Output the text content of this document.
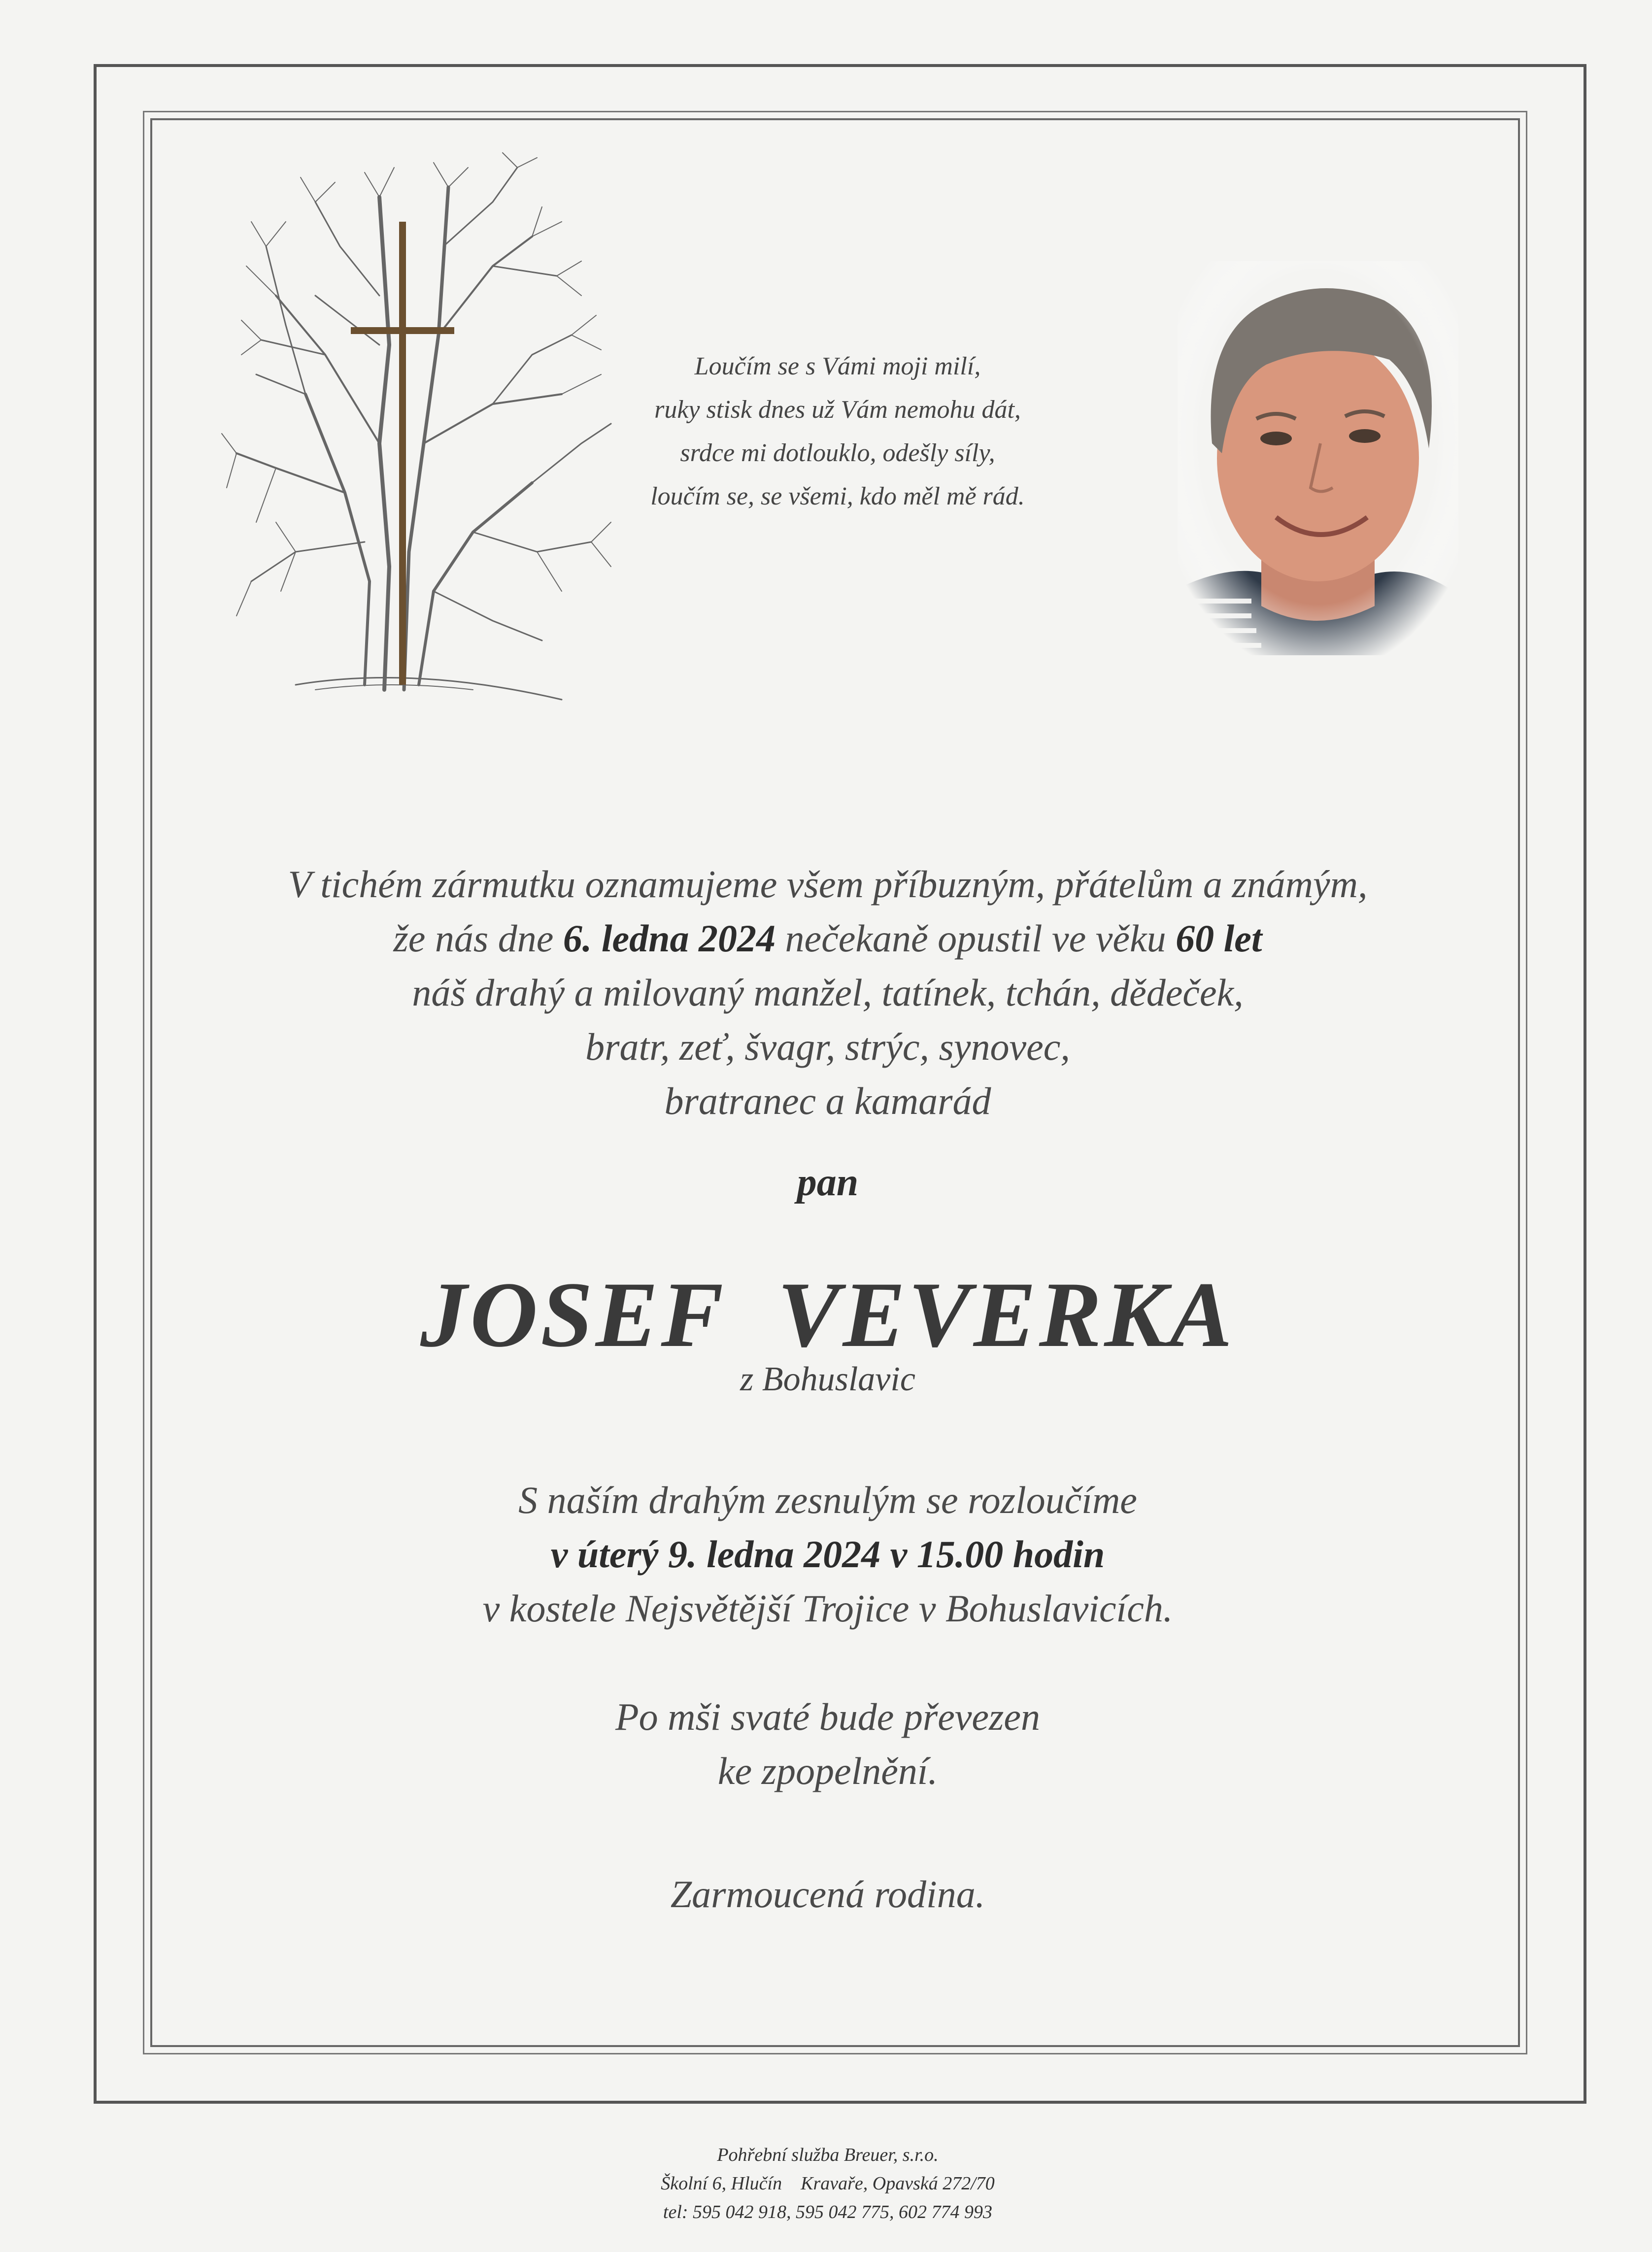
Loučím se s Vámi moji milí,
ruky stisk dnes už Vám nemohu dát,
srdce mi dotlouklo, odešly síly,
loučím se, se všemi, kdo měl mě rád.
V tichém zármutku oznamujeme všem příbuzným, přátelům a známým,
že nás dne 6. ledna 2024 nečekaně opustil ve věku 60 let
náš drahý a milovaný manžel, tatínek, tchán, dědeček,
bratr, zeť, švagr, strýc, synovec,
bratranec a kamarád
pan
JOSEF  VEVERKA
z Bohuslavic
S naším drahým zesnulým se rozloučíme
v úterý 9. ledna 2024 v 15.00 hodin
v kostele Nejsvětější Trojice v Bohuslavicích.
Po mši svaté bude převezen
ke zpopelnění.
Zarmoucená rodina.
Pohřební služba Breuer, s.r.o.
Školní 6, Hlučín    Kravaře, Opavská 272/70
tel: 595 042 918, 595 042 775, 602 774 993
